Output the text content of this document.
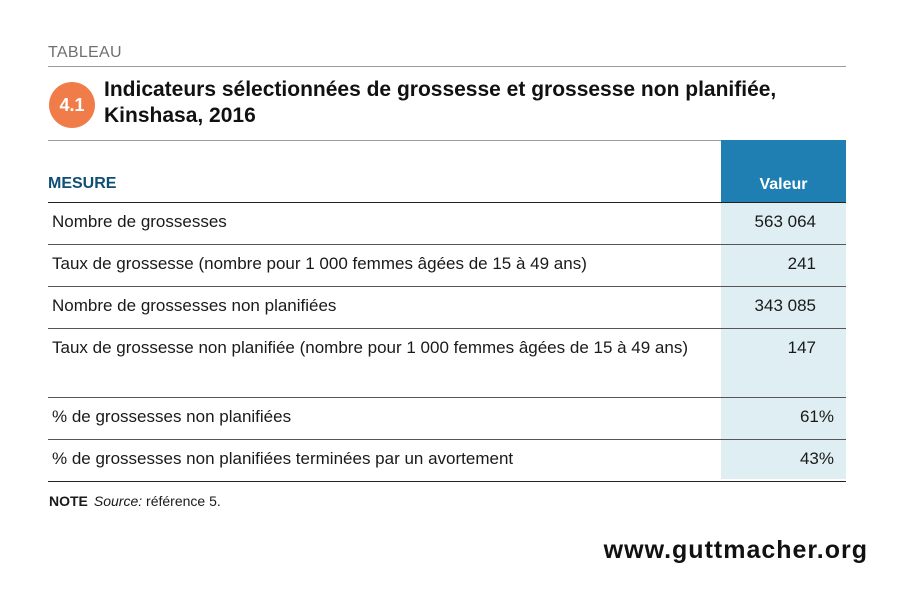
TABLEAU
4.1
Indicateurs sélectionnées de grossesse et grossesse non planifiée, Kinshasa, 2016
MESURE	Valeur
Nombre de grossesses	563 064
Taux de grossesse (nombre pour 1 000 femmes âgées de 15 à 49 ans)	241
Nombre de grossesses non planifiées	343 085
Taux de grossesse non planifiée (nombre pour 1 000 femmes âgées de 15 à 49 ans)	147
% de grossesses non planifiées	61%
% de grossesses non planifiées terminées par un avortement	43%
NOTE Source: référence 5.
www.guttmacher.org
